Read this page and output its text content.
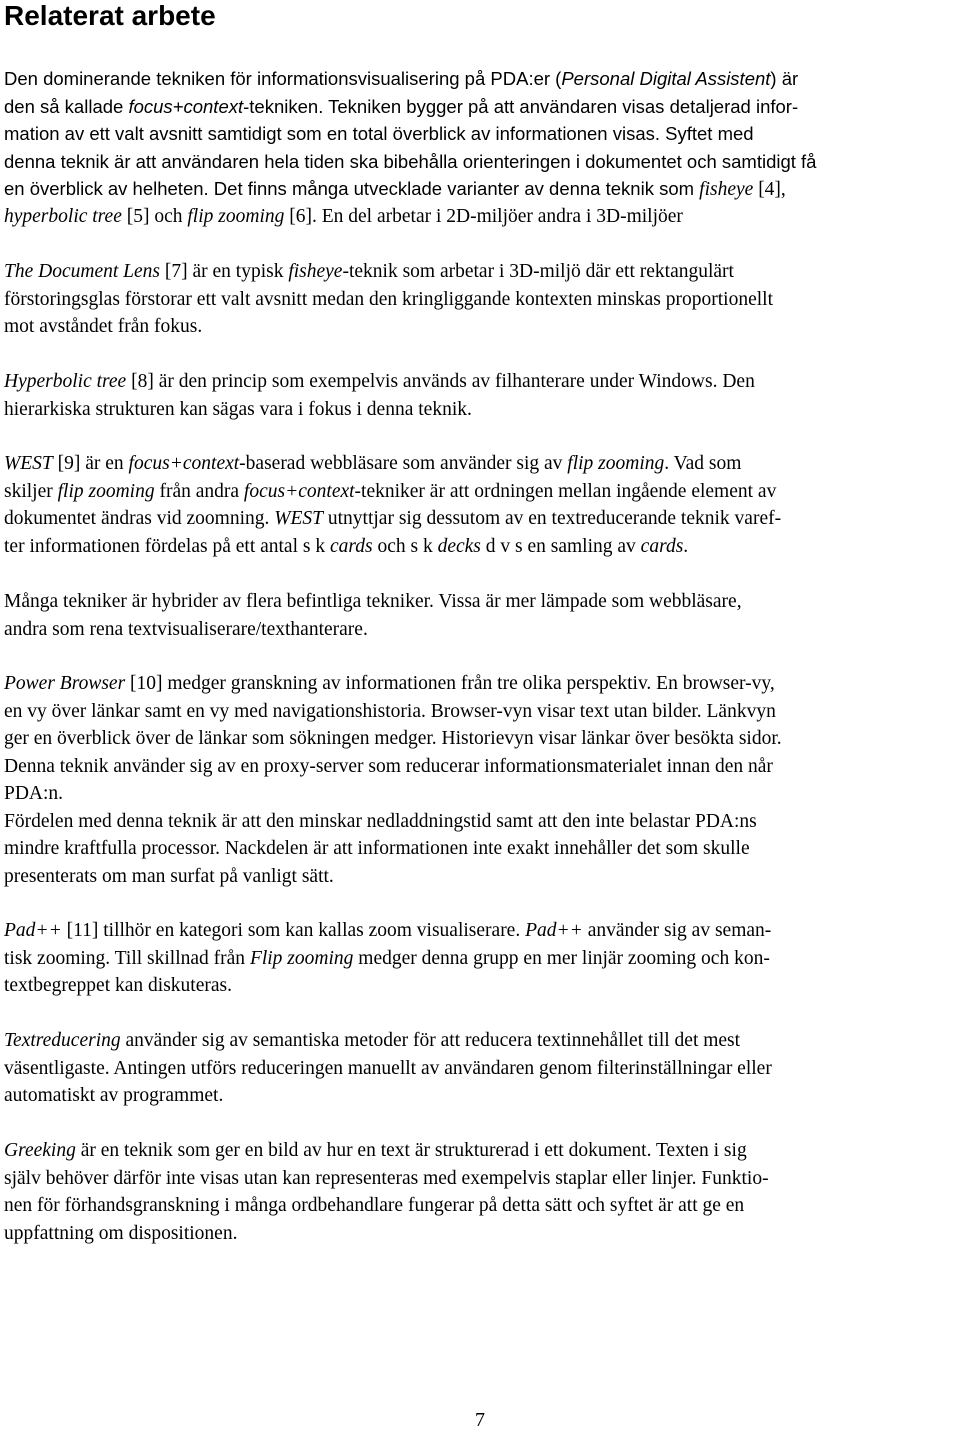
Relaterat arbete
Den dominerande tekniken för informationsvisualisering på PDA:er (Personal Digital Assistent) är
den så kallade focus+context-tekniken. Tekniken bygger på att användaren visas detaljerad infor-
mation av ett valt avsnitt samtidigt som en total överblick av informationen visas. Syftet med
denna teknik är att användaren hela tiden ska bibehålla orienteringen i dokumentet och samtidigt få
en överblick av helheten. Det finns många utvecklade varianter av denna teknik som fisheye [4],
hyperbolic tree [5] och flip zooming [6]. En del arbetar i 2D-miljöer andra i 3D-miljöer
The Document Lens [7] är en typisk fisheye-teknik som arbetar i 3D-miljö där ett rektangulärt
förstoringsglas förstorar ett valt avsnitt medan den kringliggande kontexten minskas proportionellt
mot avståndet från fokus.
Hyperbolic tree [8] är den princip som exempelvis används av filhanterare under Windows. Den
hierarkiska strukturen kan sägas vara i fokus i denna teknik.
WEST [9] är en focus+context-baserad webbläsare som använder sig av flip zooming. Vad som
skiljer flip zooming från andra focus+context-tekniker är att ordningen mellan ingående element av
dokumentet ändras vid zoomning. WEST utnyttjar sig dessutom av en textreducerande teknik varef-
ter informationen fördelas på ett antal s k cards och s k decks d v s en samling av cards.
Många tekniker är hybrider av flera befintliga tekniker. Vissa är mer lämpade som webbläsare,
andra som rena textvisualiserare/texthanterare.
Power Browser [10] medger granskning av informationen från tre olika perspektiv. En browser-vy,
en vy över länkar samt en vy med navigationshistoria. Browser-vyn visar text utan bilder. Länkvyn
ger en överblick över de länkar som sökningen medger. Historievyn visar länkar över besökta sidor.
Denna teknik använder sig av en proxy-server som reducerar informationsmaterialet innan den når
PDA:n.
Fördelen med denna teknik är att den minskar nedladdningstid samt att den inte belastar PDA:ns
mindre kraftfulla processor. Nackdelen är att informationen inte exakt innehåller det som skulle
presenterats om man surfat på vanligt sätt.
Pad++ [11] tillhör en kategori som kan kallas zoom visualiserare. Pad++ använder sig av seman-
tisk zooming. Till skillnad från Flip zooming medger denna grupp en mer linjär zooming och kon-
textbegreppet kan diskuteras.
Textreducering använder sig av semantiska metoder för att reducera textinnehållet till det mest
väsentligaste. Antingen utförs reduceringen manuellt av användaren genom filterinställningar eller
automatiskt av programmet.
Greeking är en teknik som ger en bild av hur en text är strukturerad i ett dokument. Texten i sig
själv behöver därför inte visas utan kan representeras med exempelvis staplar eller linjer. Funktio-
nen för förhandsgranskning i många ordbehandlare fungerar på detta sätt och syftet är att ge en
uppfattning om dispositionen.

7
